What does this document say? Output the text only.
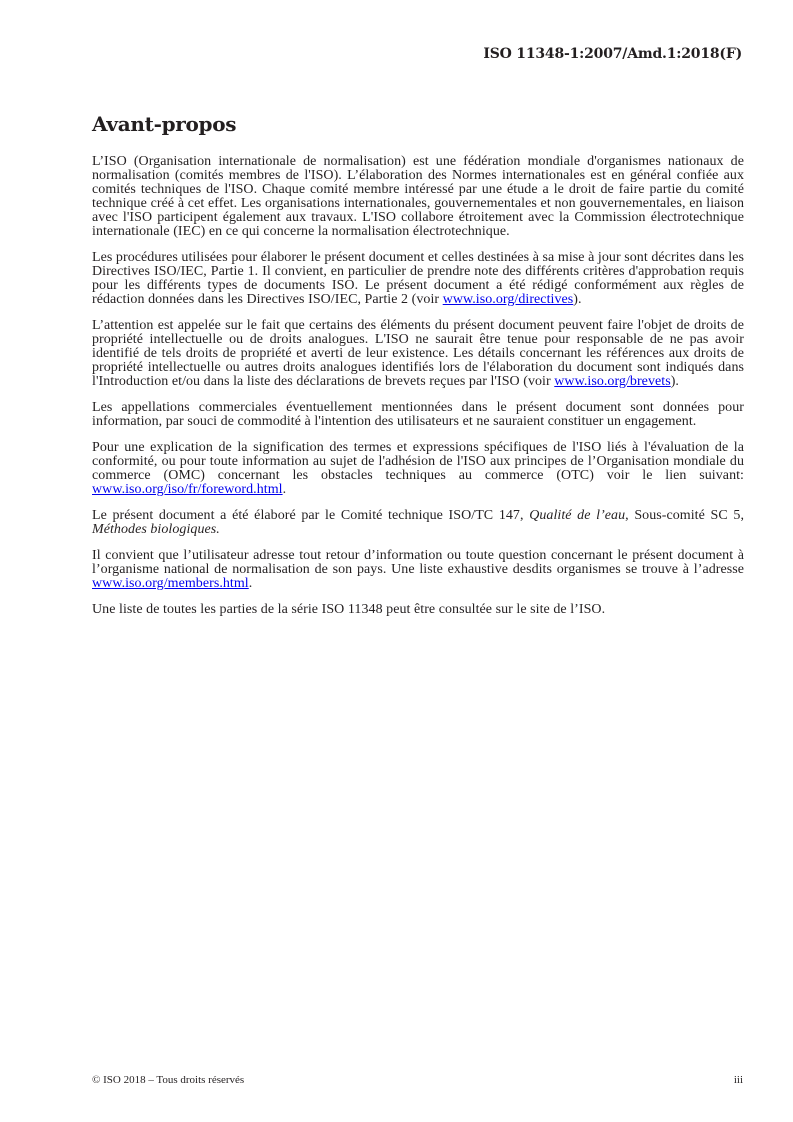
ISO 11348-1:2007/Amd.1:2018(F)
Avant-propos

L’ISO (Organisation internationale de normalisation) est une fédération mondiale d'organismes nationaux de normalisation (comités membres de l'ISO). L’élaboration des Normes internationales est en général confiée aux comités techniques de l'ISO. Chaque comité membre intéressé par une étude a le droit de faire partie du comité technique créé à cet effet. Les organisations internationales, gouvernementales et non gouvernementales, en liaison avec l'ISO participent également aux travaux. L'ISO collabore étroitement avec la Commission électrotechnique internationale (IEC) en ce qui concerne la normalisation électrotechnique.

Les procédures utilisées pour élaborer le présent document et celles destinées à sa mise à jour sont décrites dans les Directives ISO/IEC, Partie 1. Il convient, en particulier de prendre note des différents critères d'approbation requis pour les différents types de documents ISO. Le présent document a été rédigé conformément aux règles de rédaction données dans les Directives ISO/IEC, Partie 2 (voir www.iso.org/directives).

L’attention est appelée sur le fait que certains des éléments du présent document peuvent faire l'objet de droits de propriété intellectuelle ou de droits analogues. L'ISO ne saurait être tenue pour responsable de ne pas avoir identifié de tels droits de propriété et averti de leur existence. Les détails concernant les références aux droits de propriété intellectuelle ou autres droits analogues identifiés lors de l'élaboration du document sont indiqués dans l'Introduction et/ou dans la liste des déclarations de brevets reçues par l'ISO (voir www.iso.org/brevets).

Les appellations commerciales éventuellement mentionnées dans le présent document sont données pour information, par souci de commodité à l'intention des utilisateurs et ne sauraient constituer un engagement.

Pour une explication de la signification des termes et expressions spécifiques de l'ISO liés à l'évaluation de la conformité, ou pour toute information au sujet de l'adhésion de l'ISO aux principes de l’Organisation mondiale du commerce (OMC) concernant les obstacles techniques au commerce (OTC) voir le lien suivant: www.iso.org/iso/fr/foreword.html.

Le présent document a été élaboré par le Comité technique ISO/TC 147, Qualité de l’eau, Sous-comité SC 5, Méthodes biologiques.

Il convient que l’utilisateur adresse tout retour d’information ou toute question concernant le présent document à l’organisme national de normalisation de son pays. Une liste exhaustive desdits organismes se trouve à l’adresse www.iso.org/members.html.

Une liste de toutes les parties de la série ISO 11348 peut être consultée sur le site de l’ISO.

© ISO 2018 – Tous droits réservés	iii
